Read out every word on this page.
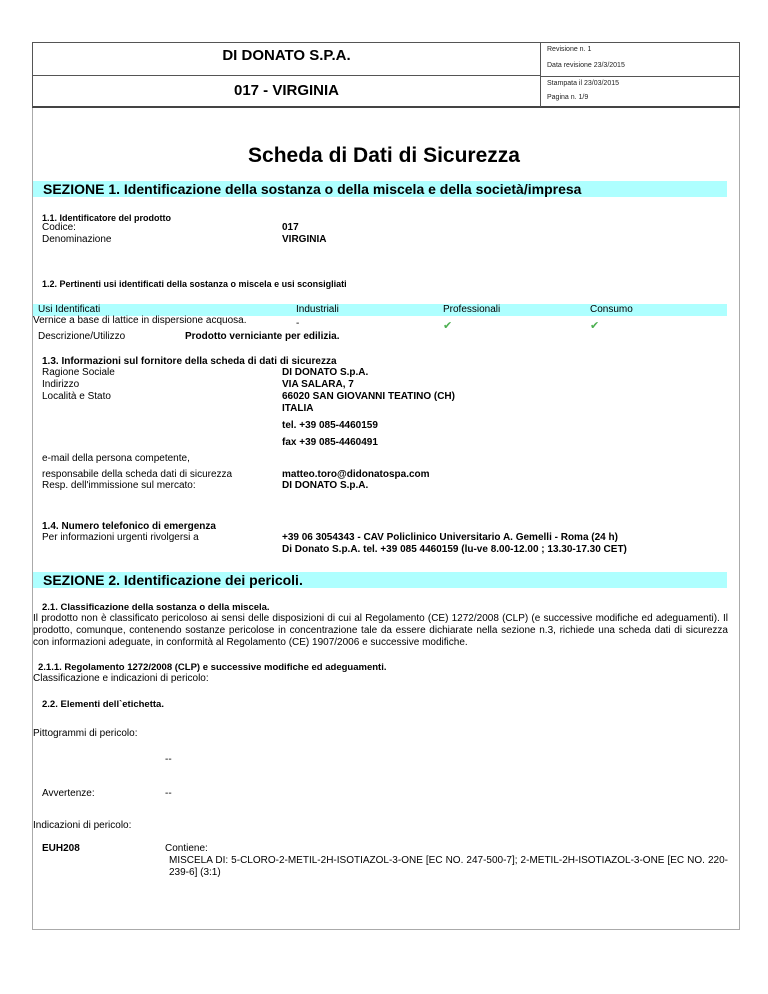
DI DONATO S.P.A.
017 - VIRGINIA
Revisione n. 1
Data revisione 23/3/2015
Stampata il 23/03/2015
Pagina n. 1/9
Scheda di Dati di Sicurezza
SEZIONE 1. Identificazione della sostanza o della miscela e della società/impresa
1.1. Identificatore del prodotto
Codice:	017
Denominazione	VIRGINIA
1.2. Pertinenti usi identificati della sostanza o miscela e usi sconsigliati
Usi Identificati	Industriali	Professionali	Consumo
Vernice a base di lattice in dispersione acquosa.	-	✔	✔
Descrizione/Utilizzo	Prodotto verniciante per edilizia.
1.3. Informazioni sul fornitore della scheda di dati di sicurezza
Ragione Sociale	DI DONATO S.p.A.
Indirizzo	VIA SALARA, 7
Località e Stato	66020 SAN GIOVANNI TEATINO (CH)
ITALIA
tel. +39 085-4460159
fax +39 085-4460491
e-mail della persona competente,
responsabile della scheda dati di sicurezza	matteo.toro@didonatospa.com
Resp. dell'immissione sul mercato:	DI DONATO S.p.A.
1.4. Numero telefonico di emergenza
Per informazioni urgenti rivolgersi a	+39 06 3054343 - CAV Policlinico Universitario A. Gemelli - Roma (24 h)
Di Donato S.p.A. tel. +39 085 4460159 (lu-ve 8.00-12.00 ; 13.30-17.30 CET)
SEZIONE 2. Identificazione dei pericoli.
2.1. Classificazione della sostanza o della miscela.
Il prodotto non è classificato pericoloso ai sensi delle disposizioni di cui al Regolamento (CE) 1272/2008 (CLP) (e successive modifiche ed adeguamenti). Il prodotto, comunque, contenendo sostanze pericolose in concentrazione tale da essere dichiarate nella sezione n.3, richiede una scheda dati di sicurezza con informazioni adeguate, in conformità al Regolamento (CE) 1907/2006 e successive modifiche.
2.1.1. Regolamento 1272/2008 (CLP) e successive modifiche ed adeguamenti.
Classificazione e indicazioni di pericolo:
2.2. Elementi dell`etichetta.
Pittogrammi di pericolo:
--
Avvertenze:	--
Indicazioni di pericolo:
EUH208	Contiene:
MISCELA DI: 5-CLORO-2-METIL-2H-ISOTIAZOL-3-ONE [EC NO. 247-500-7]; 2-METIL-2H-ISOTIAZOL-3-ONE [EC NO. 220-239-6] (3:1)
